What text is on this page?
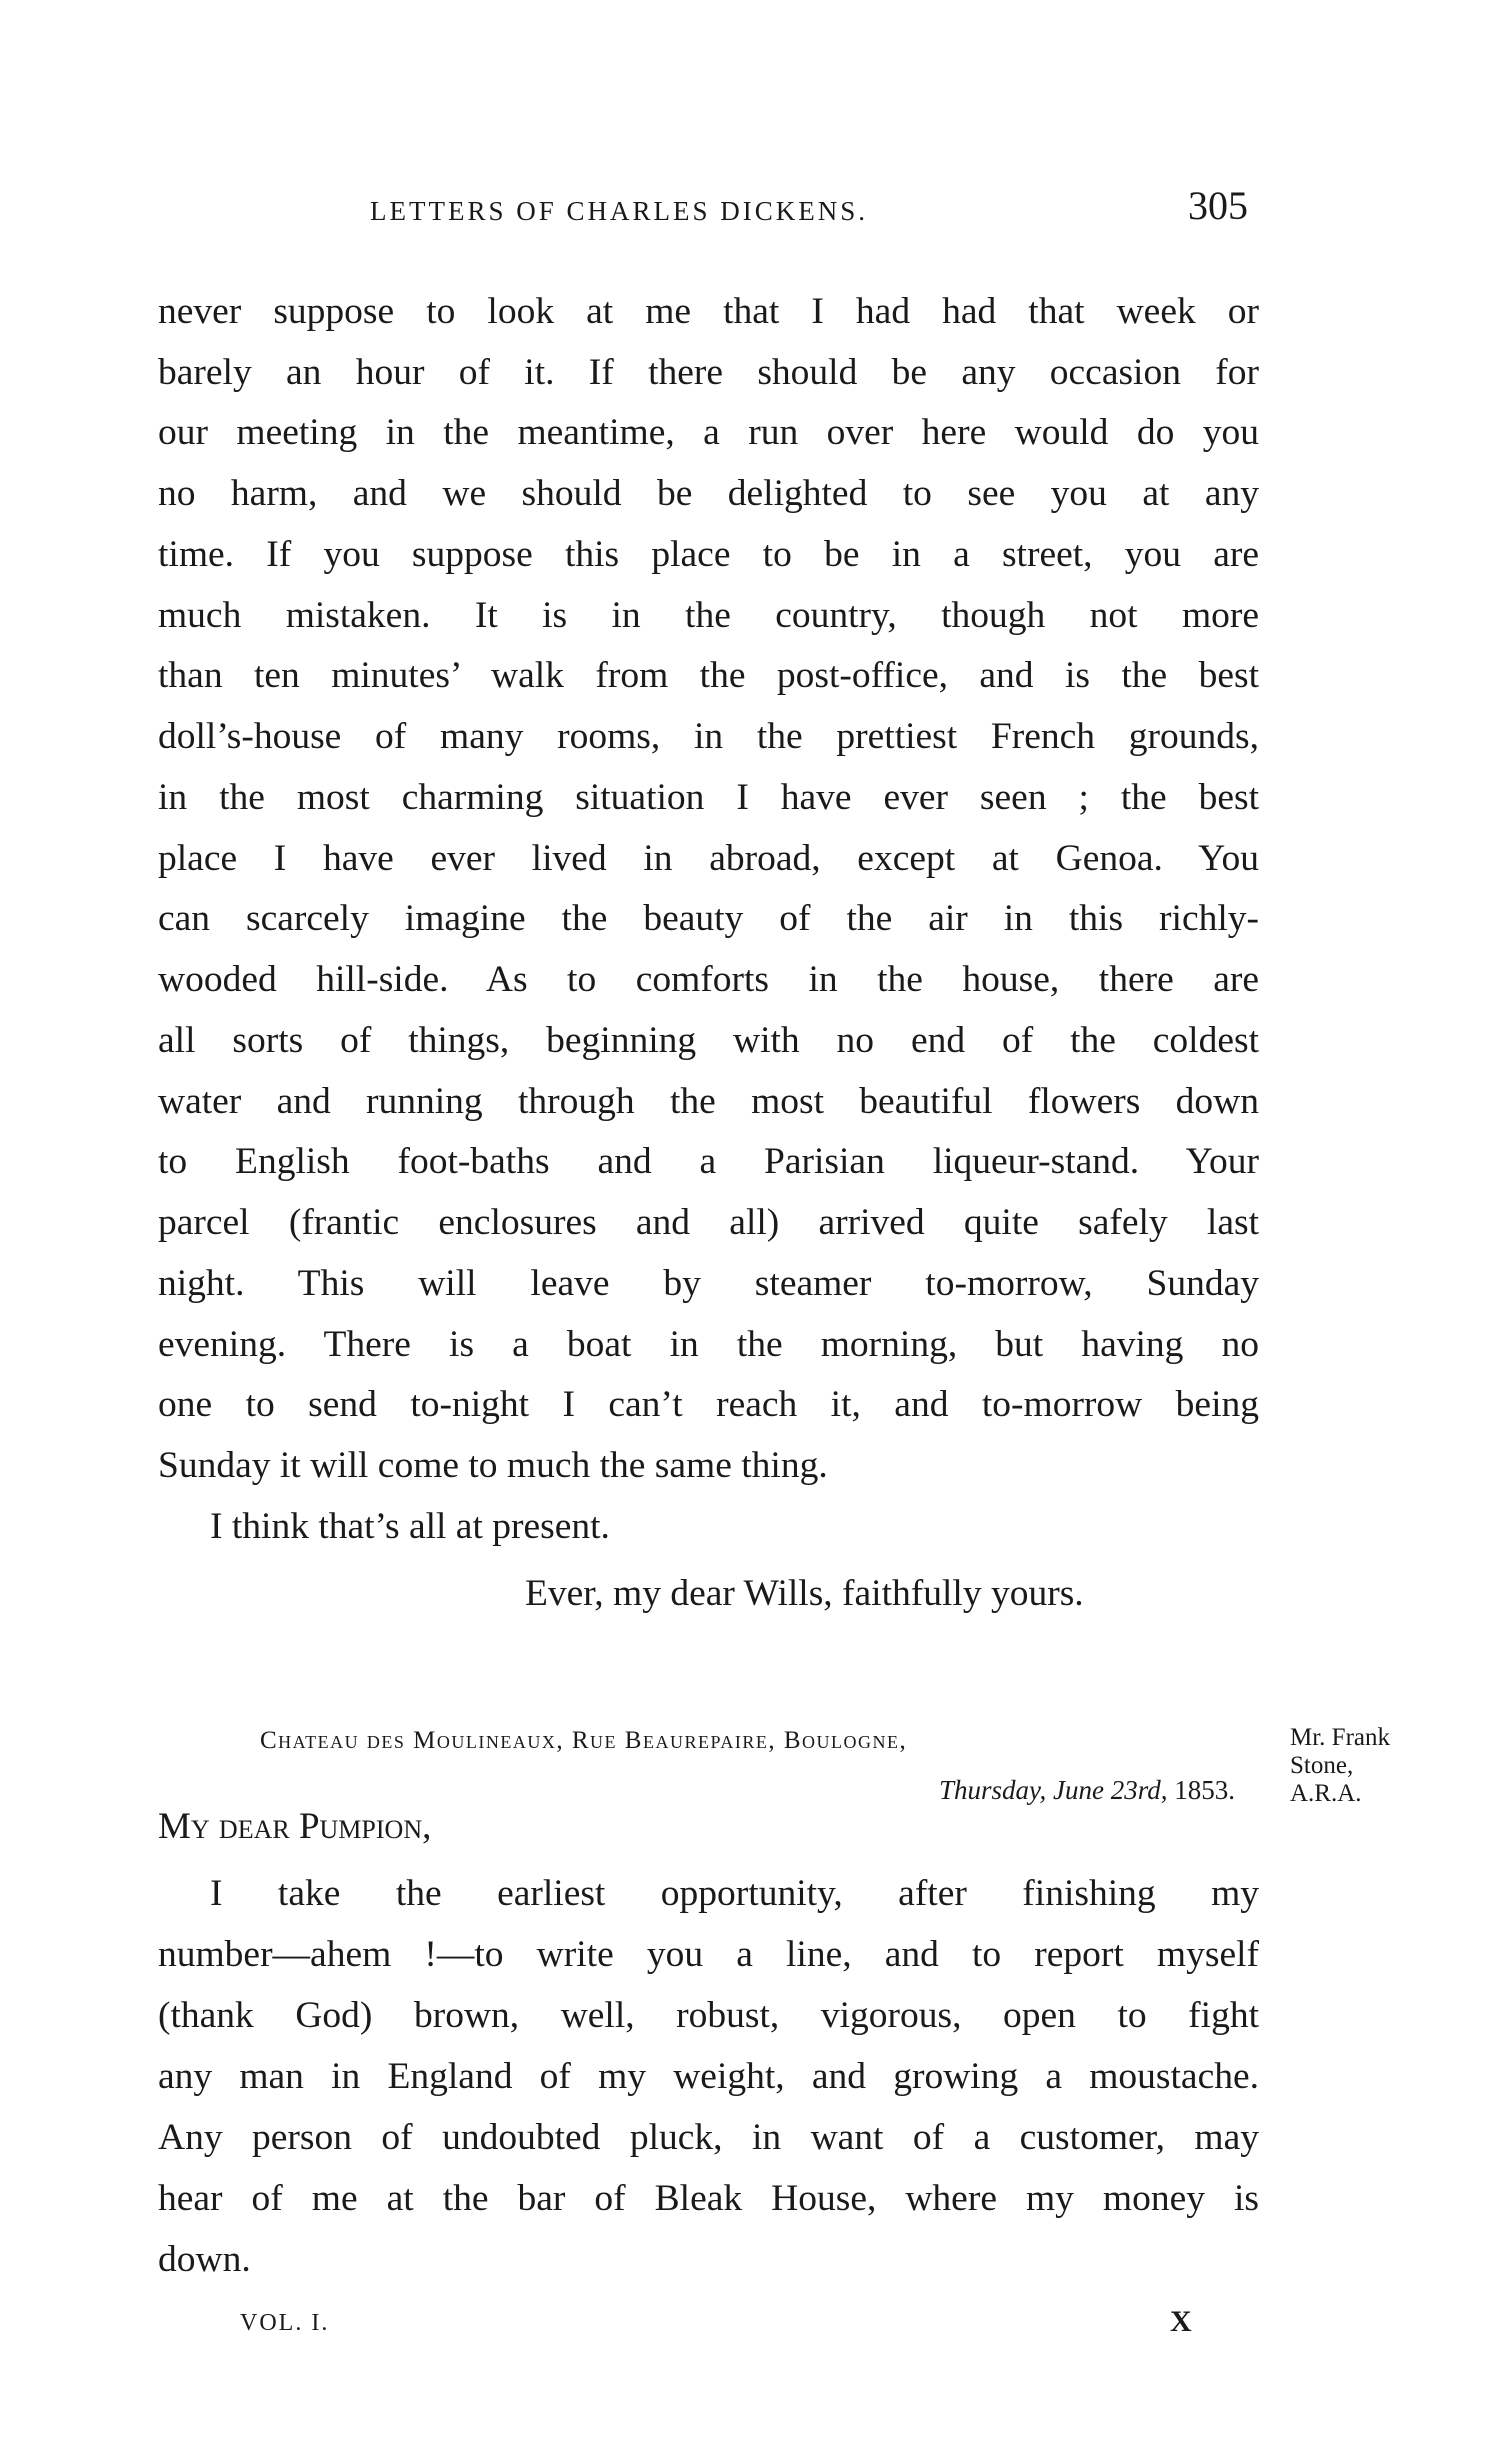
LETTERS OF CHARLES DICKENS.	305
never suppose to look at me that I had had that week or
barely an hour of it. If there should be any occasion for
our meeting in the meantime, a run over here would do you
no harm, and we should be delighted to see you at any
time. If you suppose this place to be in a street, you are
much mistaken. It is in the country, though not more
than ten minutes’ walk from the post-office, and is the best
doll’s-house of many rooms, in the prettiest French grounds,
in the most charming situation I have ever seen ; the best
place I have ever lived in abroad, except at Genoa. You
can scarcely imagine the beauty of the air in this richly-
wooded hill-side. As to comforts in the house, there are
all sorts of things, beginning with no end of the coldest
water and running through the most beautiful flowers down
to English foot-baths and a Parisian liqueur-stand. Your
parcel (frantic enclosures and all) arrived quite safely last
night. This will leave by steamer to-morrow, Sunday
evening. There is a boat in the morning, but having no
one to send to-night I can’t reach it, and to-morrow being
Sunday it will come to much the same thing.
I think that’s all at present.
Ever, my dear Wills, faithfully yours.
Chateau des Moulineaux, Rue Beaurepaire, Boulogne,
Thursday, June 23rd, 1853.
Mr. Frank
Stone,
A.R.A.
My dear Pumpion,
I take the earliest opportunity, after finishing my
number—ahem !—to write you a line, and to report myself
(thank God) brown, well, robust, vigorous, open to fight
any man in England of my weight, and growing a moustache.
Any person of undoubted pluck, in want of a customer, may
hear of me at the bar of Bleak House, where my money is
down.
VOL. I.	X
